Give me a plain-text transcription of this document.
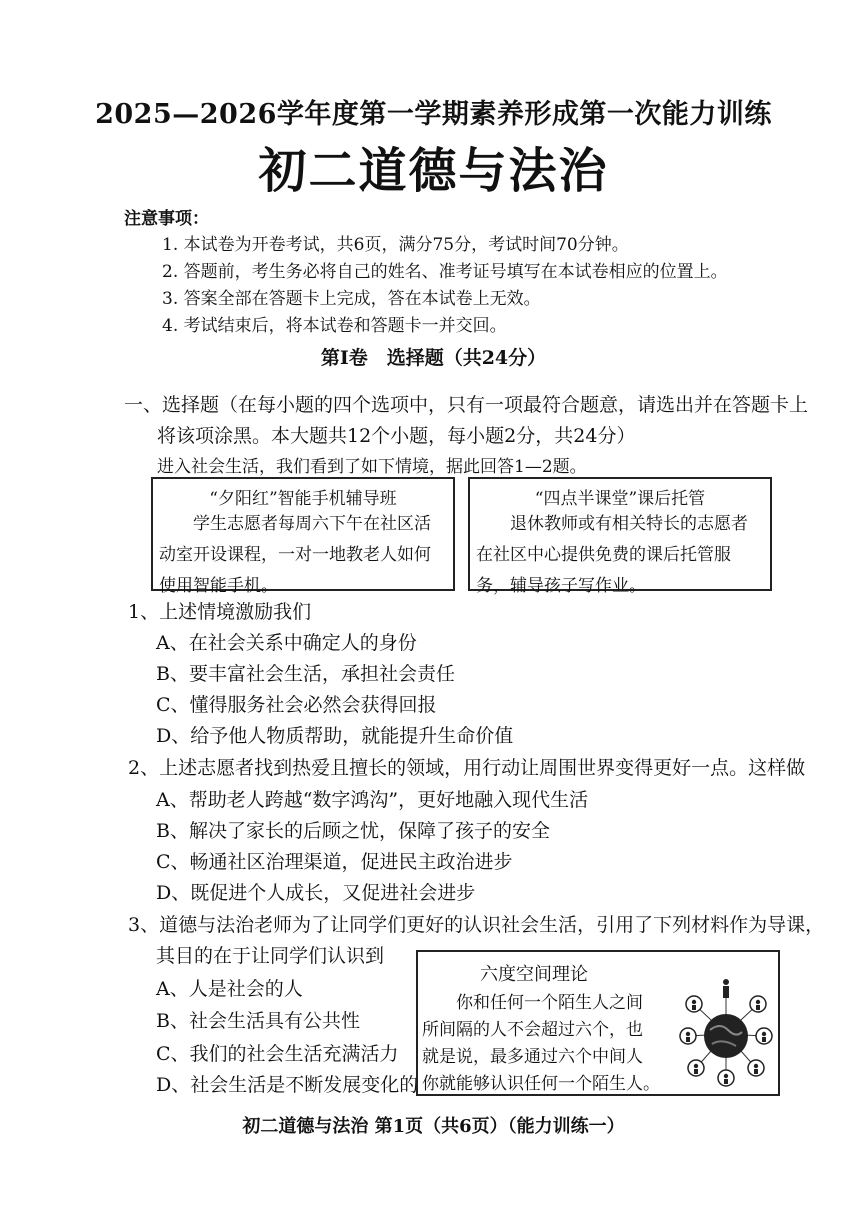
2025—2026学年度第一学期素养形成第一次能力训练
初二道德与法治
注意事项：
1. 本试卷为开卷考试，共6页，满分75分，考试时间70分钟。
2. 答题前，考生务必将自己的姓名、准考证号填写在本试卷相应的位置上。
3. 答案全部在答题卡上完成，答在本试卷上无效。
4. 考试结束后，将本试卷和答题卡一并交回。
第Ⅰ卷　选择题（共24分）
一、选择题（在每小题的四个选项中，只有一项最符合题意，请选出并在答题卡上
将该项涂黑。本大题共12个小题，每小题2分，共24分）
进入社会生活，我们看到了如下情境，据此回答1—2题。
“夕阳红”智能手机辅导班
　　学生志愿者每周六下午在社区活动室开设课程，一对一地教老人如何使用智能手机。
“四点半课堂”课后托管
　　退休教师或有相关特长的志愿者在社区中心提供免费的课后托管服务，辅导孩子写作业。
1、上述情境激励我们
A、在社会关系中确定人的身份
B、要丰富社会生活，承担社会责任
C、懂得服务社会必然会获得回报
D、给予他人物质帮助，就能提升生命价值
2、上述志愿者找到热爱且擅长的领域，用行动让周围世界变得更好一点。这样做
A、帮助老人跨越“数字鸿沟”，更好地融入现代生活
B、解决了家长的后顾之忧，保障了孩子的安全
C、畅通社区治理渠道，促进民主政治进步
D、既促进个人成长，又促进社会进步
3、道德与法治老师为了让同学们更好的认识社会生活，引用了下列材料作为导课，
其目的在于让同学们认识到
A、人是社会的人
B、社会生活具有公共性
C、我们的社会生活充满活力
D、社会生活是不断发展变化的
六度空间理论
　　你和任何一个陌生人之间
所间隔的人不会超过六个，也
就是说，最多通过六个中间人
你就能够认识任何一个陌生人。
初二道德与法治 第1页（共6页）（能力训练一）
